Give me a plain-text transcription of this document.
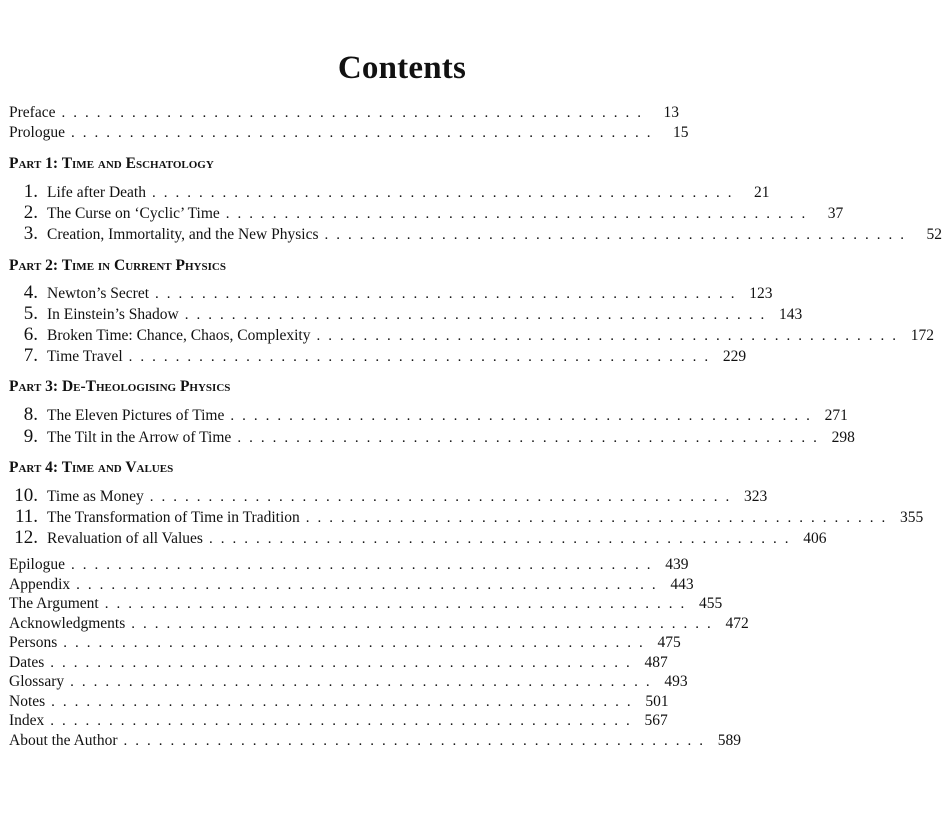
Contents
Preface .................................................. 13
Prologue .................................................. 15
Part 1: Time and Eschatology
1. Life after Death .................................................. 21
2. The Curse on ‘Cyclic’ Time .................................................. 37
3. Creation, Immortality, and the New Physics .................................................. 52
Part 2: Time in Current Physics
4. Newton’s Secret .................................................. 123
5. In Einstein’s Shadow .................................................. 143
6. Broken Time: Chance, Chaos, Complexity .................................................. 172
7. Time Travel .................................................. 229
Part 3: De-Theologising Physics
8. The Eleven Pictures of Time .................................................. 271
9. The Tilt in the Arrow of Time .................................................. 298
Part 4: Time and Values
10. Time as Money .................................................. 323
11. The Transformation of Time in Tradition .................................................. 355
12. Revaluation of all Values .................................................. 406
Epilogue .................................................. 439
Appendix .................................................. 443
The Argument .................................................. 455
Acknowledgments .................................................. 472
Persons .................................................. 475
Dates .................................................. 487
Glossary .................................................. 493
Notes .................................................. 501
Index .................................................. 567
About the Author .................................................. 589
